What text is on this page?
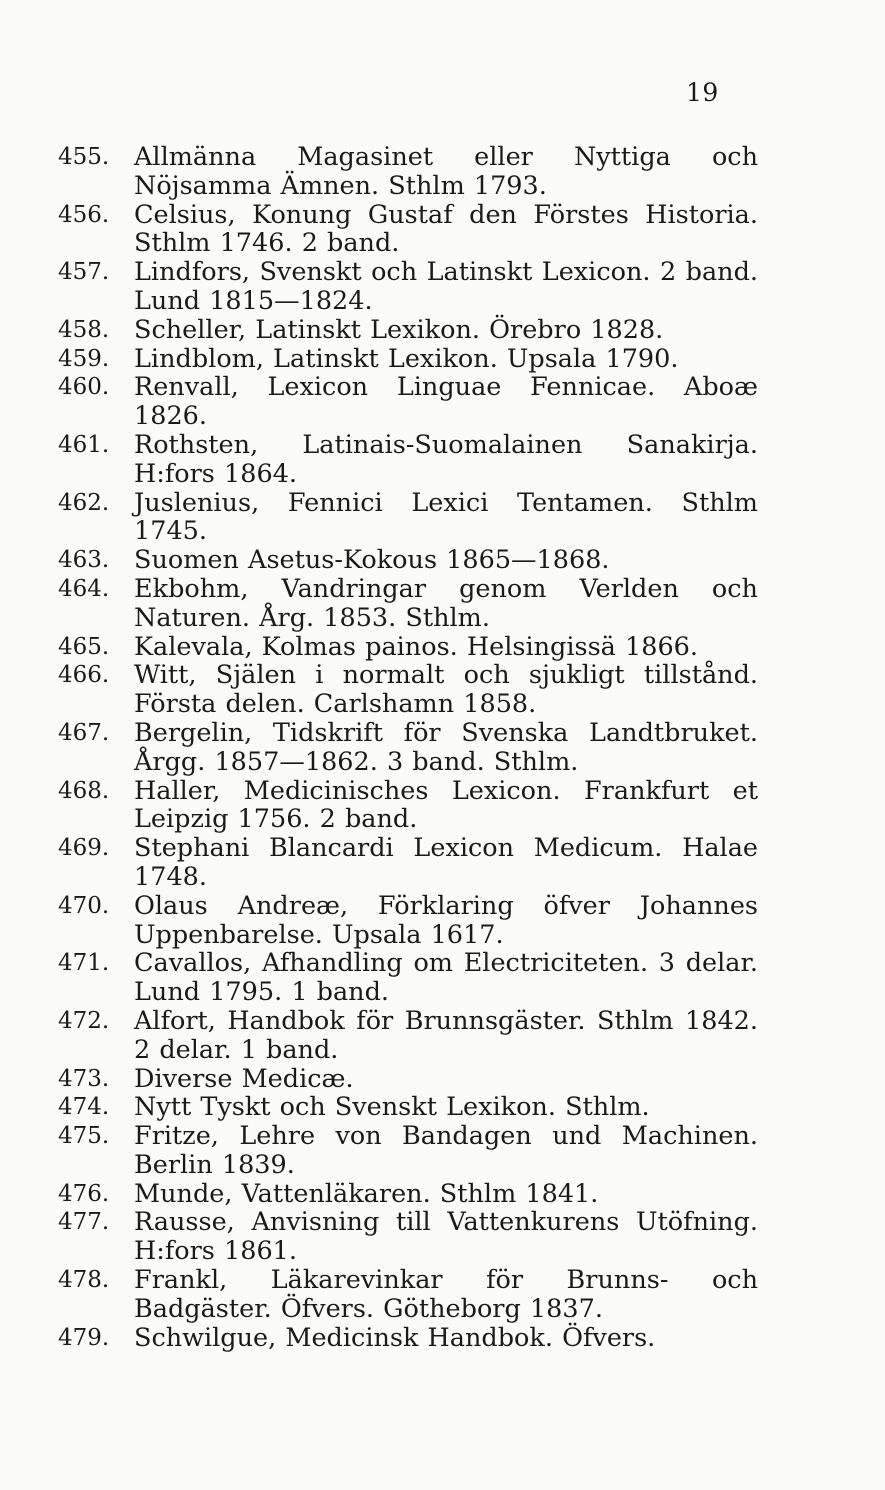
19
455. Allmänna Magasinet eller Nyttiga och Nöjsamma Ämnen. Sthlm 1793.
456. Celsius, Konung Gustaf den Förstes Historia. Sthlm 1746. 2 band.
457. Lindfors, Svenskt och Latinskt Lexicon. 2 band. Lund 1815—1824.
458. Scheller, Latinskt Lexikon. Örebro 1828.
459. Lindblom, Latinskt Lexikon. Upsala 1790.
460. Renvall, Lexicon Linguae Fennicae. Aboæ 1826.
461. Rothsten, Latinais-Suomalainen Sanakirja. H:fors 1864.
462. Juslenius, Fennici Lexici Tentamen. Sthlm 1745.
463. Suomen Asetus-Kokous 1865—1868.
464. Ekbohm, Vandringar genom Verlden och Naturen. Årg. 1853. Sthlm.
465. Kalevala, Kolmas painos. Helsingissä 1866.
466. Witt, Själen i normalt och sjukligt tillstånd. Första delen. Carlshamn 1858.
467. Bergelin, Tidskrift för Svenska Landtbruket. Årgg. 1857—1862. 3 band. Sthlm.
468. Haller, Medicinisches Lexicon. Frankfurt et Leipzig 1756. 2 band.
469. Stephani Blancardi Lexicon Medicum. Halae 1748.
470. Olaus Andreæ, Förklaring öfver Johannes Uppenbarelse. Upsala 1617.
471. Cavallos, Afhandling om Electriciteten. 3 delar. Lund 1795. 1 band.
472. Alfort, Handbok för Brunnsgäster. Sthlm 1842. 2 delar. 1 band.
473. Diverse Medicæ.
474. Nytt Tyskt och Svenskt Lexikon. Sthlm.
475. Fritze, Lehre von Bandagen und Machinen. Berlin 1839.
476. Munde, Vattenläkaren. Sthlm 1841.
477. Rausse, Anvisning till Vattenkurens Utöfning. H:fors 1861.
478. Frankl, Läkarevinkar för Brunns- och Badgäster. Öfvers. Götheborg 1837.
479. Schwilgue, Medicinsk Handbok. Öfvers.
